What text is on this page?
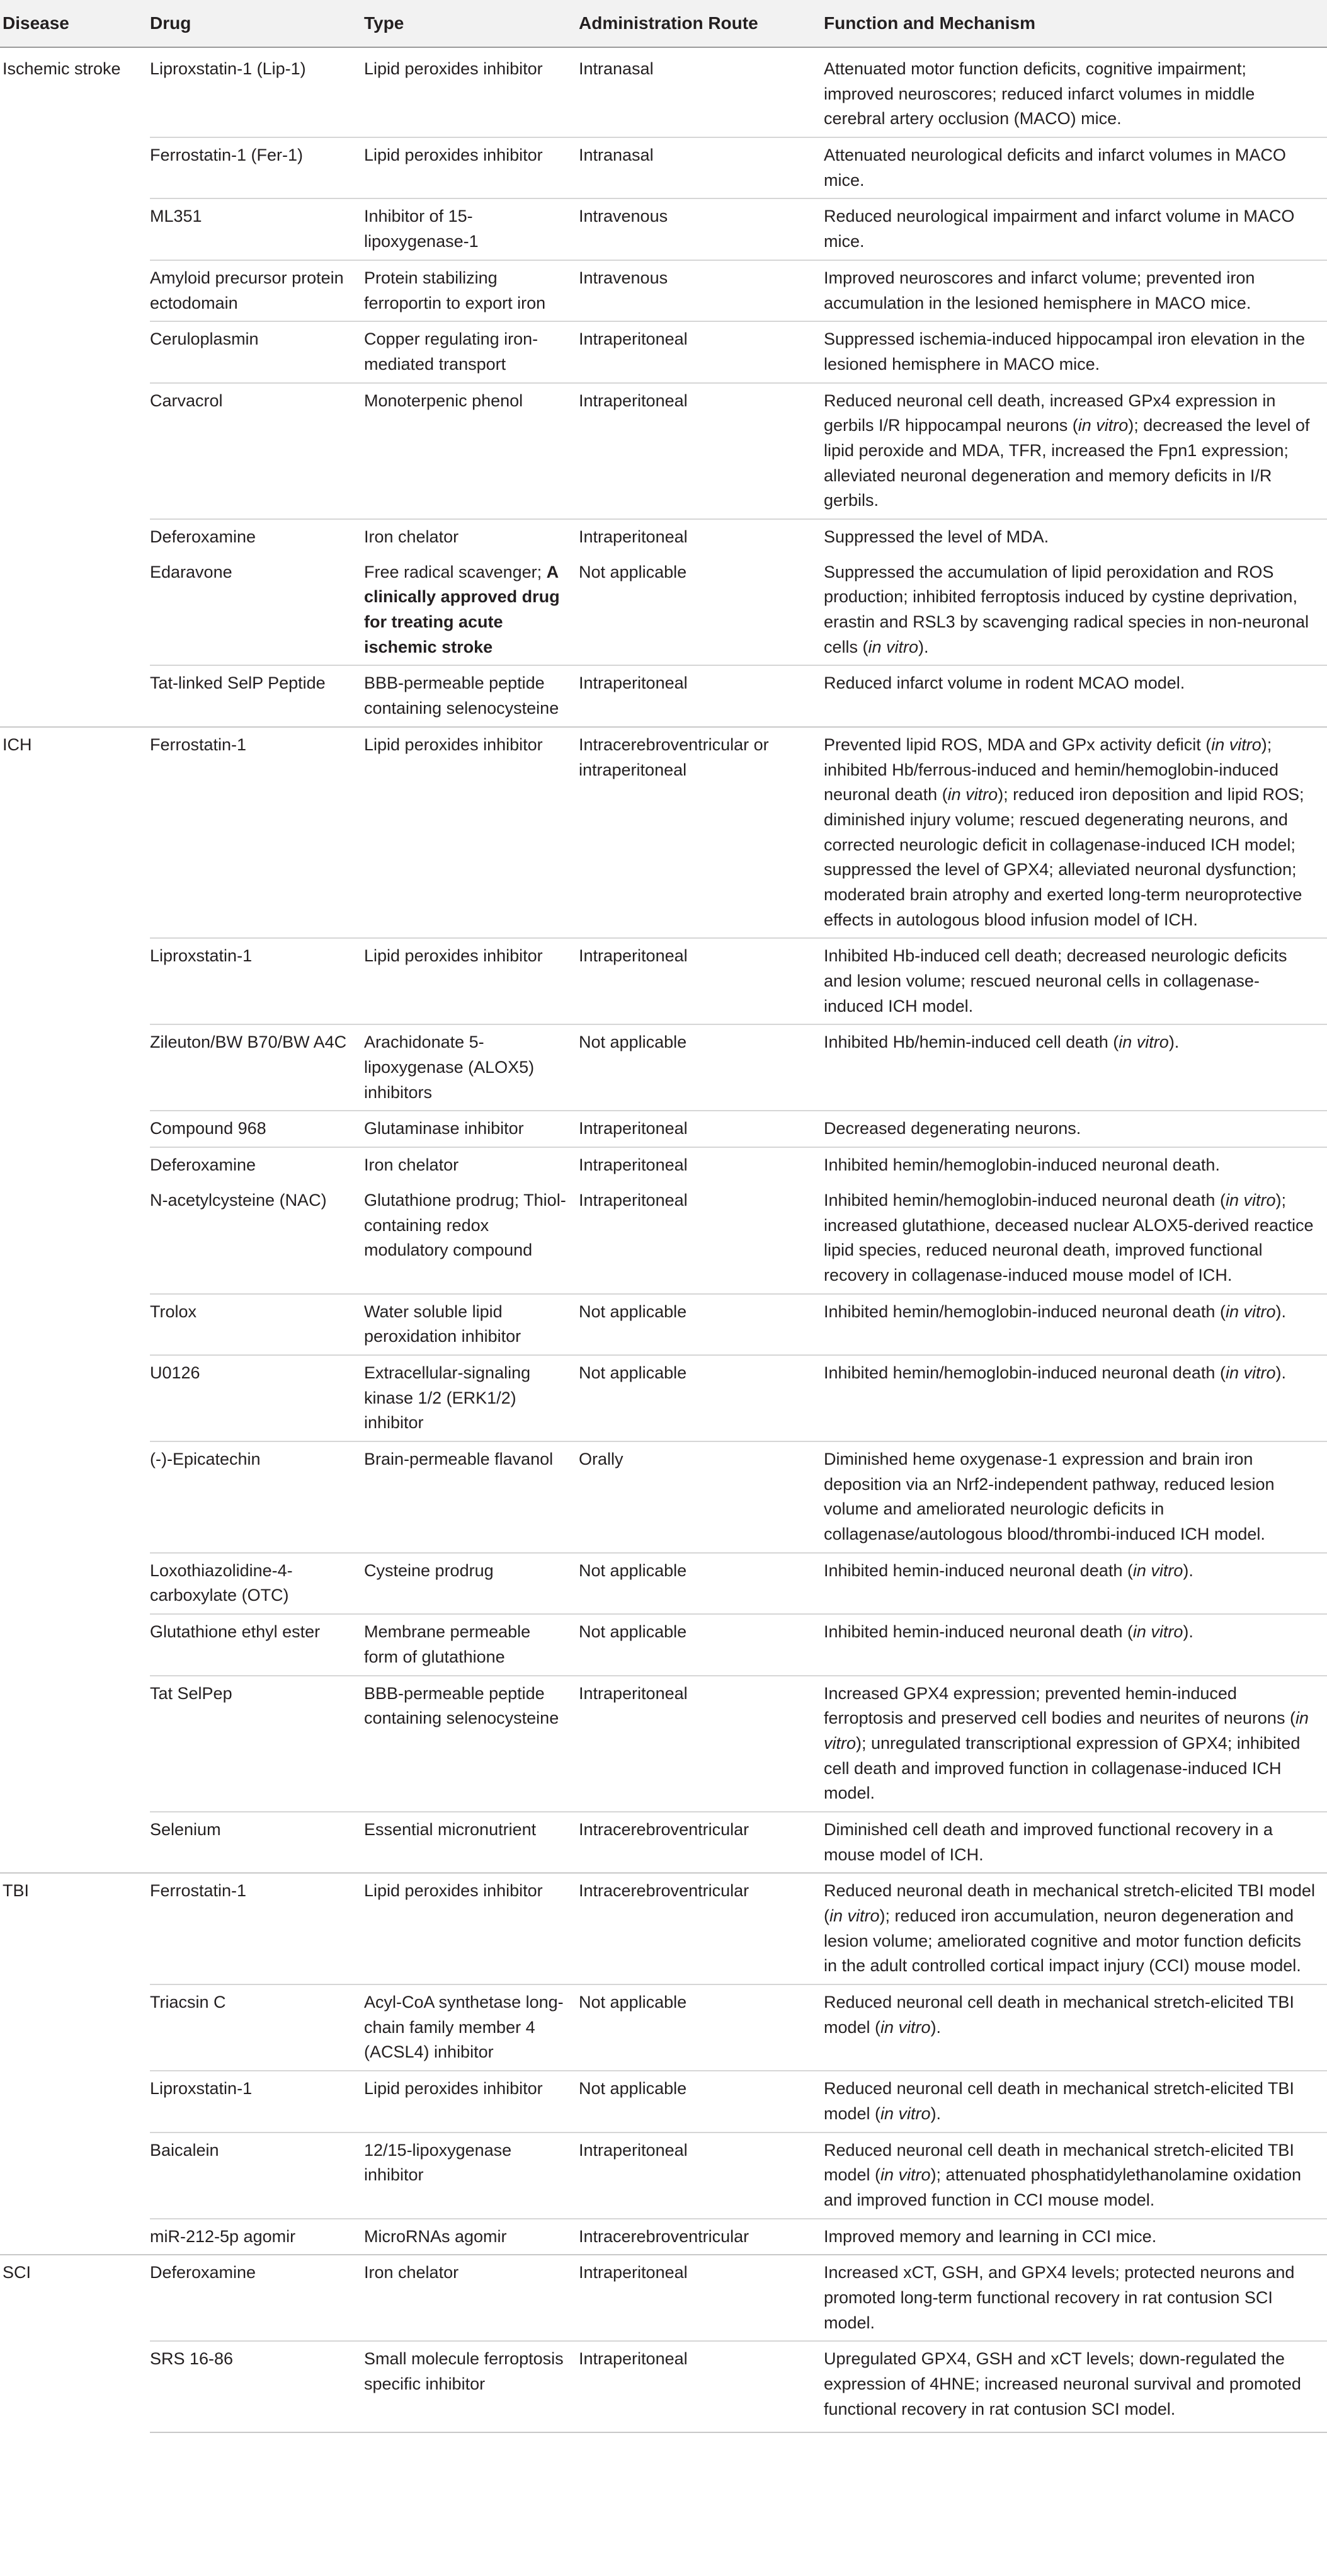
Disease	Drug	Type	Administration Route	Function and Mechanism
Ischemic stroke	Liproxstatin-1 (Lip-1)	Lipid peroxides inhibitor	Intranasal	Attenuated motor function deficits, cognitive impairment; improved neuroscores; reduced infarct volumes in middle cerebral artery occlusion (MACO) mice.
	Ferrostatin-1 (Fer-1)	Lipid peroxides inhibitor	Intranasal	Attenuated neurological deficits and infarct volumes in MACO mice.
	ML351	Inhibitor of 15-lipoxygenase-1	Intravenous	Reduced neurological impairment and infarct volume in MACO mice.
	Amyloid precursor protein ectodomain	Protein stabilizing ferroportin to export iron	Intravenous	Improved neuroscores and infarct volume; prevented iron accumulation in the lesioned hemisphere in MACO mice.
	Ceruloplasmin	Copper regulating iron-mediated transport	Intraperitoneal	Suppressed ischemia-induced hippocampal iron elevation in the lesioned hemisphere in MACO mice.
	Carvacrol	Monoterpenic phenol	Intraperitoneal	Reduced neuronal cell death, increased GPx4 expression in gerbils I/R hippocampal neurons (in vitro); decreased the level of lipid peroxide and MDA, TFR, increased the Fpn1 expression; alleviated neuronal degeneration and memory deficits in I/R gerbils.
	Deferoxamine	Iron chelator	Intraperitoneal	Suppressed the level of MDA.
	Edaravone	Free radical scavenger; A clinically approved drug for treating acute ischemic stroke	Not applicable	Suppressed the accumulation of lipid peroxidation and ROS production; inhibited ferroptosis induced by cystine deprivation, erastin and RSL3 by scavenging radical species in non-neuronal cells (in vitro).
	Tat-linked SelP Peptide	BBB-permeable peptide containing selenocysteine	Intraperitoneal	Reduced infarct volume in rodent MCAO model.
ICH	Ferrostatin-1	Lipid peroxides inhibitor	Intracerebroventricular or intraperitoneal	Prevented lipid ROS, MDA and GPx activity deficit (in vitro); inhibited Hb/ferrous-induced and hemin/hemoglobin-induced neuronal death (in vitro); reduced iron deposition and lipid ROS; diminished injury volume; rescued degenerating neurons, and corrected neurologic deficit in collagenase-induced ICH model; suppressed the level of GPX4; alleviated neuronal dysfunction; moderated brain atrophy and exerted long-term neuroprotective effects in autologous blood infusion model of ICH.
	Liproxstatin-1	Lipid peroxides inhibitor	Intraperitoneal	Inhibited Hb-induced cell death; decreased neurologic deficits and lesion volume; rescued neuronal cells in collagenase-induced ICH model.
	Zileuton/BW B70/BW A4C	Arachidonate 5-lipoxygenase (ALOX5) inhibitors	Not applicable	Inhibited Hb/hemin-induced cell death (in vitro).
	Compound 968	Glutaminase inhibitor	Intraperitoneal	Decreased degenerating neurons.
	Deferoxamine	Iron chelator	Intraperitoneal	Inhibited hemin/hemoglobin-induced neuronal death.
	N-acetylcysteine (NAC)	Glutathione prodrug; Thiol-containing redox modulatory compound	Intraperitoneal	Inhibited hemin/hemoglobin-induced neuronal death (in vitro); increased glutathione, deceased nuclear ALOX5-derived reactice lipid species, reduced neuronal death, improved functional recovery in collagenase-induced mouse model of ICH.
	Trolox	Water soluble lipid peroxidation inhibitor	Not applicable	Inhibited hemin/hemoglobin-induced neuronal death (in vitro).
	U0126	Extracellular-signaling kinase 1/2 (ERK1/2) inhibitor	Not applicable	Inhibited hemin/hemoglobin-induced neuronal death (in vitro).
	(-)-Epicatechin	Brain-permeable flavanol	Orally	Diminished heme oxygenase-1 expression and brain iron deposition via an Nrf2-independent pathway, reduced lesion volume and ameliorated neurologic deficits in collagenase/autologous blood/thrombi-induced ICH model.
	Loxothiazolidine-4-carboxylate (OTC)	Cysteine prodrug	Not applicable	Inhibited hemin-induced neuronal death (in vitro).
	Glutathione ethyl ester	Membrane permeable form of glutathione	Not applicable	Inhibited hemin-induced neuronal death (in vitro).
	Tat SelPep	BBB-permeable peptide containing selenocysteine	Intraperitoneal	Increased GPX4 expression; prevented hemin-induced ferroptosis and preserved cell bodies and neurites of neurons (in vitro); unregulated transcriptional expression of GPX4; inhibited cell death and improved function in collagenase-induced ICH model.
	Selenium	Essential micronutrient	Intracerebroventricular	Diminished cell death and improved functional recovery in a mouse model of ICH.
TBI	Ferrostatin-1	Lipid peroxides inhibitor	Intracerebroventricular	Reduced neuronal death in mechanical stretch-elicited TBI model (in vitro); reduced iron accumulation, neuron degeneration and lesion volume; ameliorated cognitive and motor function deficits in the adult controlled cortical impact injury (CCI) mouse model.
	Triacsin C	Acyl-CoA synthetase long-chain family member 4 (ACSL4) inhibitor	Not applicable	Reduced neuronal cell death in mechanical stretch-elicited TBI model (in vitro).
	Liproxstatin-1	Lipid peroxides inhibitor	Not applicable	Reduced neuronal cell death in mechanical stretch-elicited TBI model (in vitro).
	Baicalein	12/15-lipoxygenase inhibitor	Intraperitoneal	Reduced neuronal cell death in mechanical stretch-elicited TBI model (in vitro); attenuated phosphatidylethanolamine oxidation and improved function in CCI mouse model.
	miR-212-5p agomir	MicroRNAs agomir	Intracerebroventricular	Improved memory and learning in CCI mice.
SCI	Deferoxamine	Iron chelator	Intraperitoneal	Increased xCT, GSH, and GPX4 levels; protected neurons and promoted long-term functional recovery in rat contusion SCI model.
	SRS 16-86	Small molecule ferroptosis specific inhibitor	Intraperitoneal	Upregulated GPX4, GSH and xCT levels; down-regulated the expression of 4HNE; increased neuronal survival and promoted functional recovery in rat contusion SCI model.
